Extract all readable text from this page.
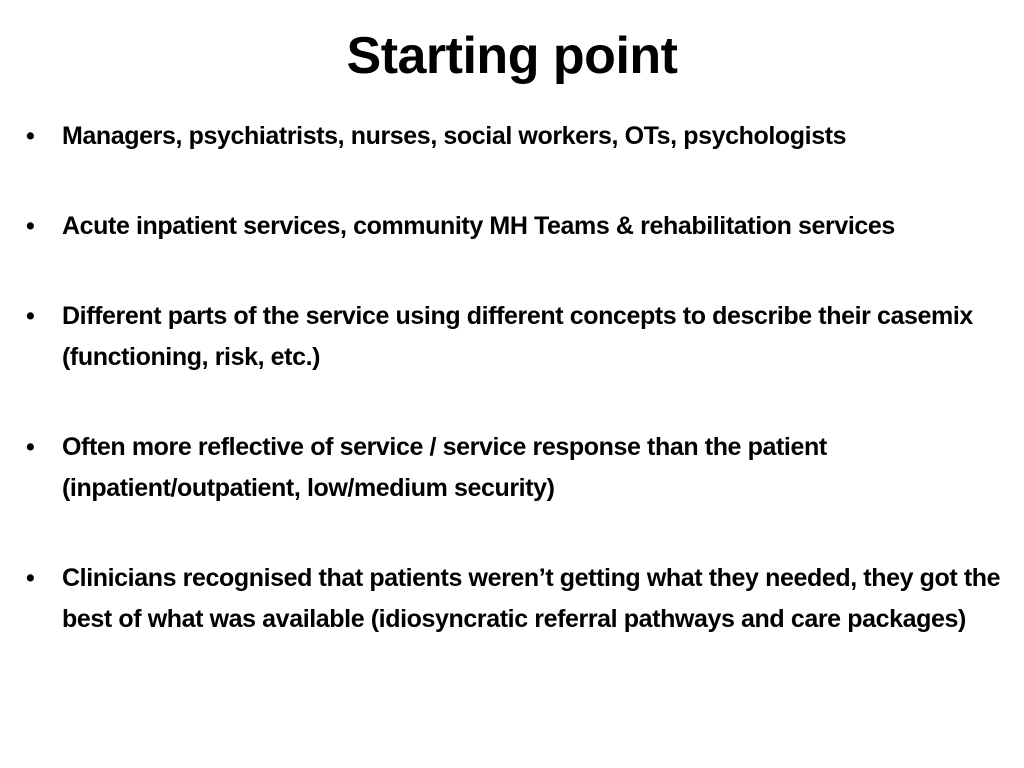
Starting point
• Managers, psychiatrists, nurses, social workers, OTs, psychologists
• Acute inpatient services, community MH Teams & rehabilitation services
• Different parts of the service using different concepts to describe their casemix (functioning, risk, etc.)
• Often more reflective of service / service response than the patient (inpatient/outpatient, low/medium security)
• Clinicians recognised that patients weren’t getting what they needed, they got the best of what was available (idiosyncratic referral pathways and care packages)
